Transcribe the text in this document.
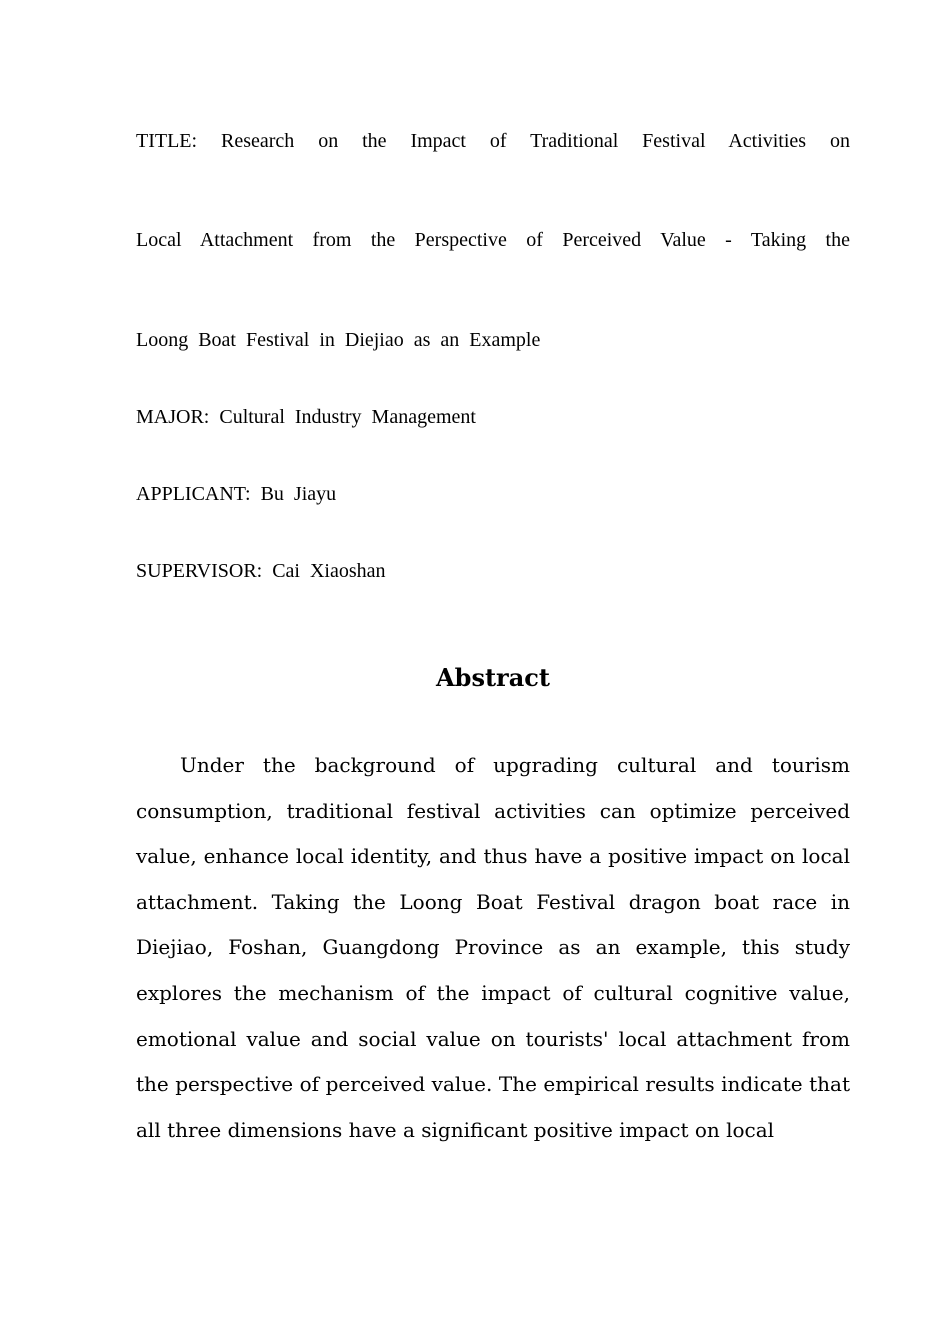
TITLE: Research on the Impact of Traditional Festival Activities on
Local Attachment from the Perspective of Perceived Value - Taking the
Loong Boat Festival in Diejiao as an Example
MAJOR: Cultural Industry Management
APPLICANT: Bu Jiayu
SUPERVISOR: Cai Xiaoshan
Abstract

Under the background of upgrading cultural and tourism consumption, traditional festival activities can optimize perceived value, enhance local identity, and thus have a positive impact on local attachment. Taking the Loong Boat Festival dragon boat race in Diejiao, Foshan, Guangdong Province as an example, this study explores the mechanism of the impact of cultural cognitive value, emotional value and social value on tourists' local attachment from the perspective of perceived value. The empirical results indicate that all three dimensions have a significant positive impact on local
